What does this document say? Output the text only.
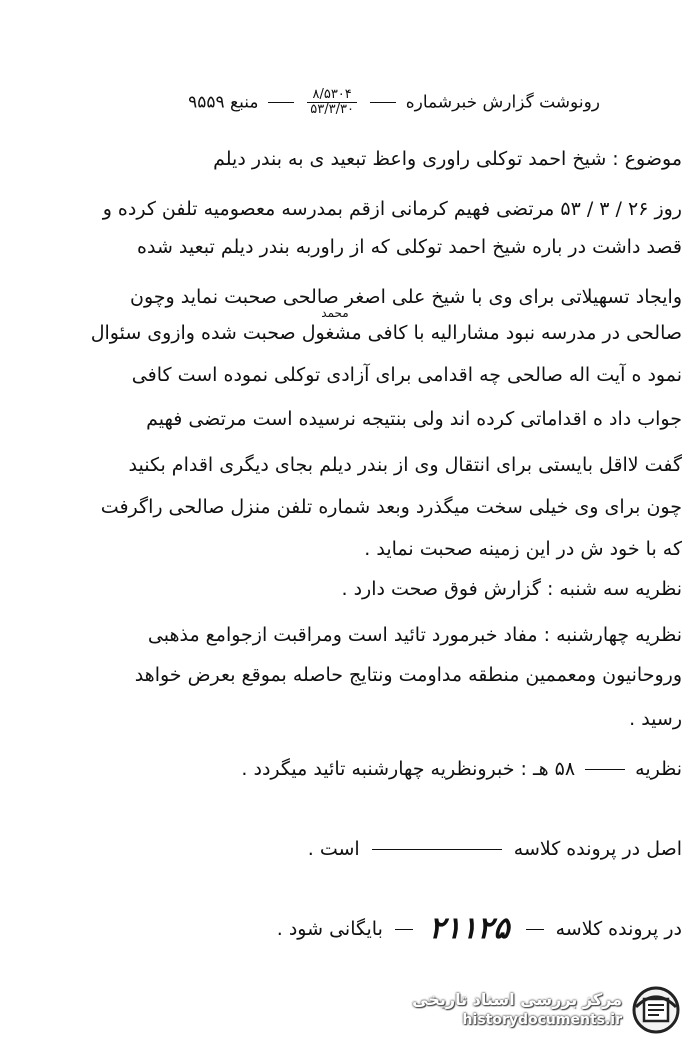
رونوشت گزارش خبرشماره
$\frac{۸/۵۳۰۴}{۵۳/۳/۳۰}$
منبع ۹۵۵۹
موضوع : شیخ احمد توکلی راوری واعظ تبعید ی به بندر دیلم
روز ۲۶ / ۳ / ۵۳ مرتضی فهیم کرمانی ازقم بمدرسه معصومیه تلفن کرده و
قصد داشت در باره شیخ احمد توکلی که از راوربه بندر دیلم تبعید شده
وایجاد تسهیلاتی برای وی با شیخ علی اصغر صالحی صحبت نماید وچون
محمد
صالحی در مدرسه نبود مشارالیه با کافی مشغول صحبت شده وازوی سئوال
نمود ه آیت اله صالحی چه اقدامی برای آزادی توکلی نموده است کافی
جواب داد ه اقداماتی کرده اند ولی بنتیجه نرسیده است مرتضی فهیم
گفت لااقل بایستی برای انتقال وی از بندر دیلم بجای دیگری اقدام بکنید
چون برای وی خیلی سخت میگذرد وبعد شماره تلفن منزل صالحی راگرفت
که با خود ش در این زمینه صحبت نماید .
نظریه سه شنبه : گزارش فوق صحت دارد .
نظریه چهارشنبه : مفاد خبرمورد تائید است ومراقبت ازجوامع مذهبی
وروحانیون ومعممین منطقه مداومت ونتایج حاصله بموقع بعرض خواهد
رسید .
نظریه  ۵۸ هـ : خبرونظریه چهارشنبه تائید میگردد .
اصل در پرونده کلاسه  است .
در پرونده کلاسه  ۲۱۱۲۵  بایگانی شود .
مرکز بررسی اسناد تاریخی
historydocuments.ir
